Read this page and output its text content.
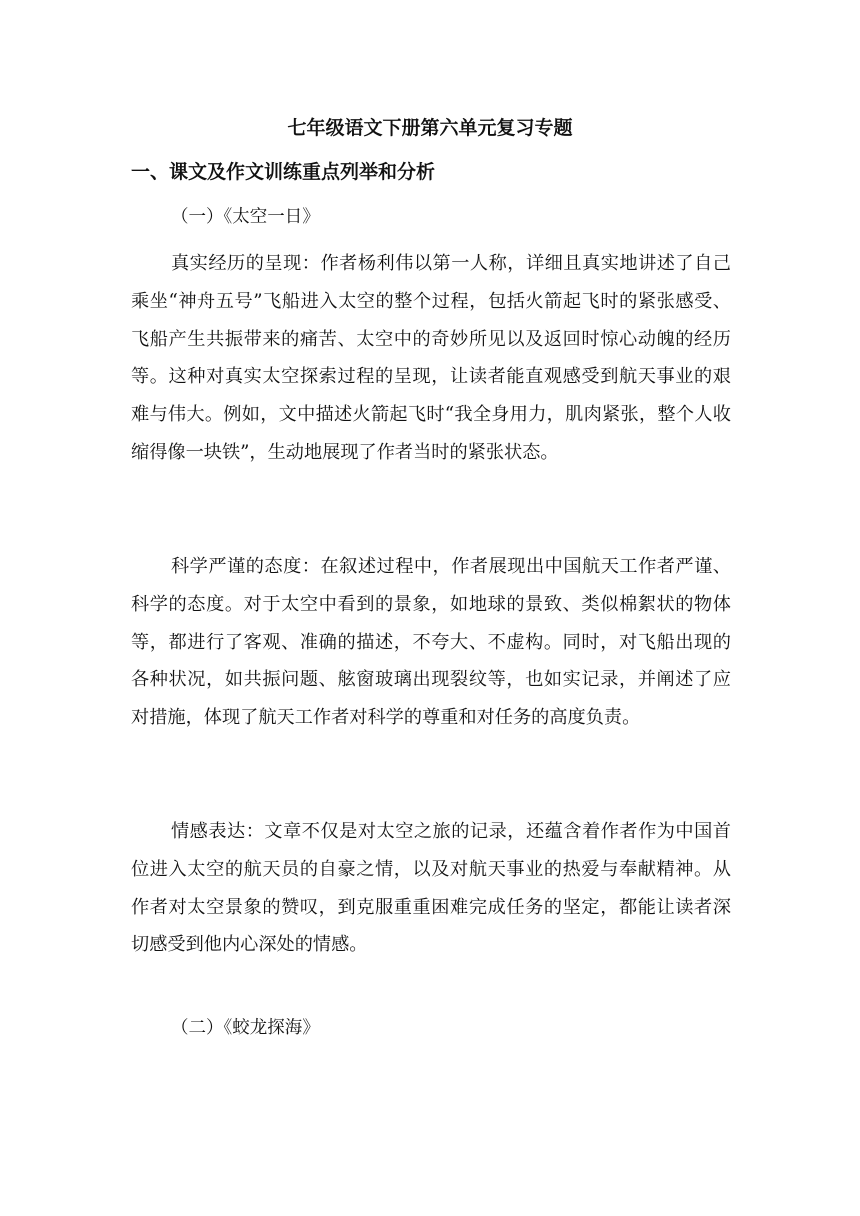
七年级语文下册第六单元复习专题
一、课文及作文训练重点列举和分析
（一）《太空一日》

真实经历的呈现：作者杨利伟以第一人称，详细且真实地讲述了自己乘坐“神舟五号”飞船进入太空的整个过程，包括火箭起飞时的紧张感受、飞船产生共振带来的痛苦、太空中的奇妙所见以及返回时惊心动魄的经历等。这种对真实太空探索过程的呈现，让读者能直观感受到航天事业的艰难与伟大。例如，文中描述火箭起飞时“我全身用力，肌肉紧张，整个人收缩得像一块铁”，生动地展现了作者当时的紧张状态。

科学严谨的态度：在叙述过程中，作者展现出中国航天工作者严谨、科学的态度。对于太空中看到的景象，如地球的景致、类似棉絮状的物体等，都进行了客观、准确的描述，不夸大、不虚构。同时，对飞船出现的各种状况，如共振问题、舷窗玻璃出现裂纹等，也如实记录，并阐述了应对措施，体现了航天工作者对科学的尊重和对任务的高度负责。

情感表达：文章不仅是对太空之旅的记录，还蕴含着作者作为中国首位进入太空的航天员的自豪之情，以及对航天事业的热爱与奉献精神。从作者对太空景象的赞叹，到克服重重困难完成任务的坚定，都能让读者深切感受到他内心深处的情感。

（二）《蛟龙探海》
